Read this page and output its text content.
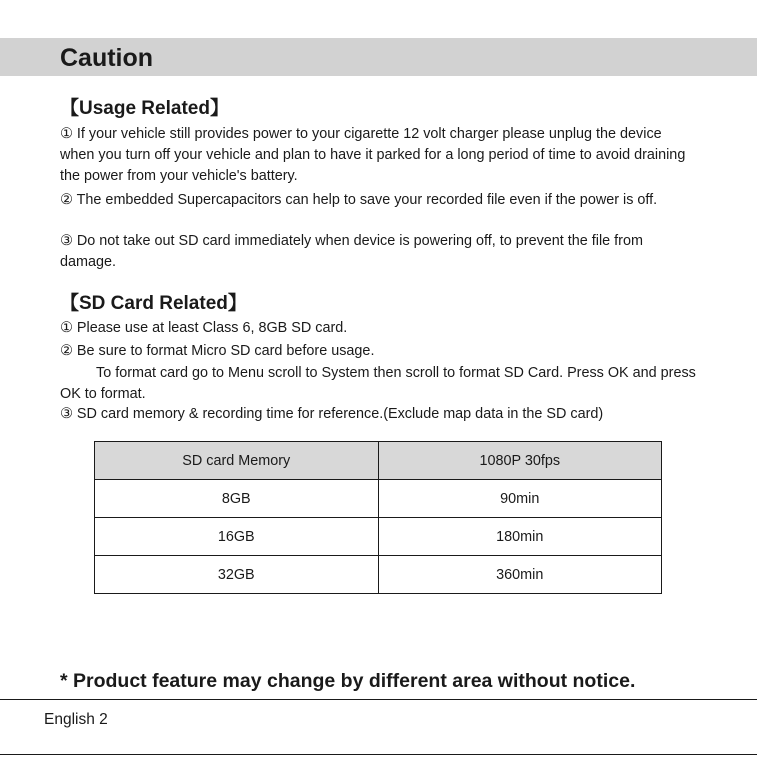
Caution
【Usage Related】

① If your vehicle still provides power to your cigarette 12 volt charger please unplug the device when you turn off your vehicle and plan to have it parked for a long period of time to avoid draining the power from your vehicle's battery.

② The embedded Supercapacitors can help to save your recorded file even if the power is off.

③ Do not take out SD card immediately when device is powering off, to prevent the file from damage.

【SD Card Related】

① Please use at least Class 6, 8GB SD card.

② Be sure to format Micro SD card before usage.

To format card go to Menu scroll to System then scroll to format SD Card. Press OK and press OK to format.

③ SD card memory & recording time for reference.(Exclude map data in the SD card)

SD card Memory	1080P 30fps
8GB	90min
16GB	180min
32GB	360min

* Product feature may change by different area without notice.

English 2
